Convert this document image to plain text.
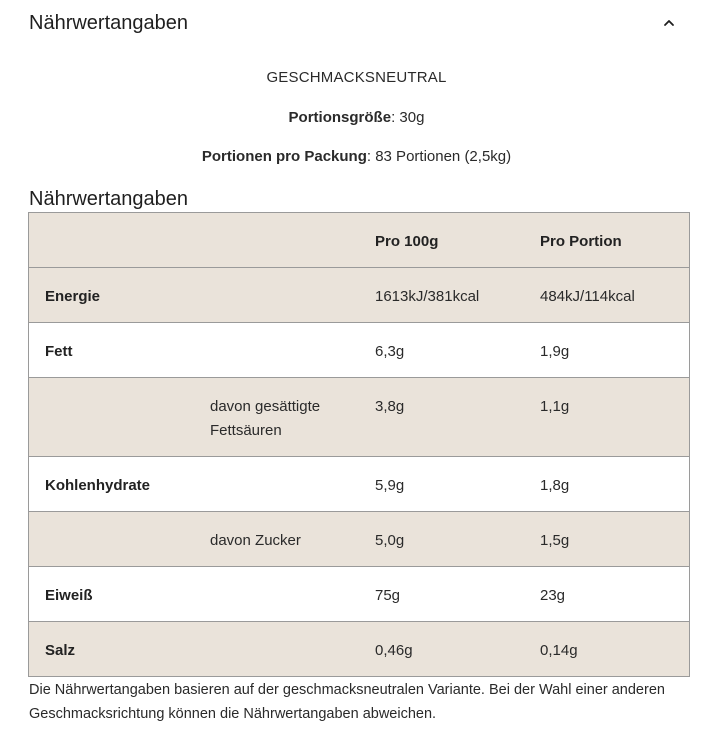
Nährwertangaben
GESCHMACKSNEUTRAL
Portionsgröße: 30g
Portionen pro Packung: 83 Portionen (2,5kg)
Nährwertangaben

		Pro 100g	Pro Portion

Energie		1613kJ/381kcal	484kJ/114kcal

Fett		6,3g	1,9g

	davon gesättigte Fettsäuren	3,8g	1,1g

Kohlenhydrate		5,9g	1,8g

	davon Zucker	5,0g	1,5g

Eiweiß		75g	23g

Salz		0,46g	0,14g
Die Nährwertangaben basieren auf der geschmacksneutralen Variante. Bei der Wahl einer anderen Geschmacksrichtung können die Nährwertangaben abweichen.
